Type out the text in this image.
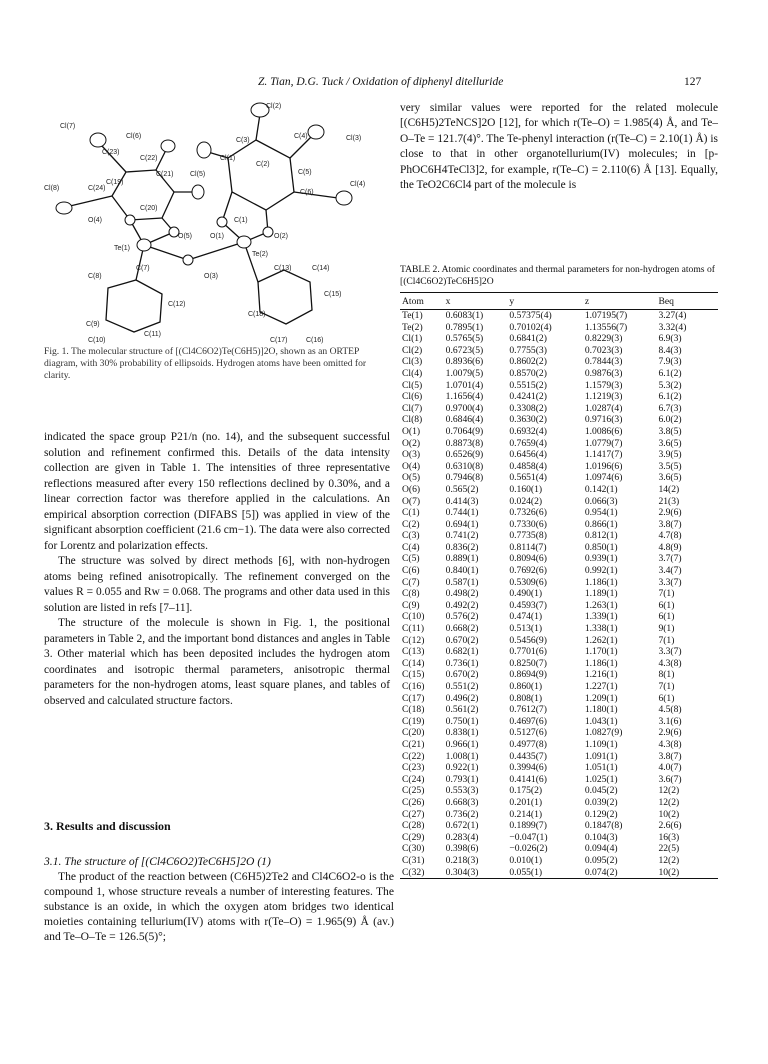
Z. Tian, D.G. Tuck / Oxidation of diphenyl ditelluride	127
Cl(2)
Cl(7)
Cl(6)
C(3)
C(4)	Cl(3)
C(23)
C(22)	Cl(1)
C(2)
Cl(8)	C(24)
C(21) Cl(5)	C(5)
Cl(4)
C(19)
C(6)
C(20)
C(1)
O(4)
O(5)	O(1)	O(2)
Te(1)
Te(2)
C(7)
C(8)	O(3)
C(13)	C(14)
C(12)
C(15)
C(9)
C(18)
C(11)
C(10)	C(17)	C(16)
Fig. 1. The molecular structure of [(Cl4C6O2)Te(C6H5)]2O, shown as an ORTEP diagram, with 30% probability of ellipsoids. Hydrogen atoms have been omitted for clarity.

indicated the space group P21/n (no. 14), and the subsequent successful solution and refinement confirmed this. Details of the data intensity collection are given in Table 1. The intensities of three representative reflections measured after every 150 reflections declined by 0.30%, and a linear correction factor was therefore applied in the calculations. An empirical absorption correction (DIFABS [5]) was applied in view of the significant absorption coefficient (21.6 cm−1). The data were also corrected for Lorentz and polarization effects.

The structure was solved by direct methods [6], with non-hydrogen atoms being refined anisotropically. The refinement converged on the values R = 0.055 and Rw = 0.068. The programs and other data used in this solution are listed in refs [7–11].

The structure of the molecule is shown in Fig. 1, the positional parameters in Table 2, and the important bond distances and angles in Table 3. Other material which has been deposited includes the hydrogen atom coordinates and isotropic thermal parameters, anisotropic thermal parameters for the non-hydrogen atoms, least square planes, and tables of observed and calculated structure factors.

3. Results and discussion

3.1. The structure of [(Cl4C6O2)TeC6H5]2O (1)

The product of the reaction between (C6H5)2Te2 and Cl4C6O2-o is the compound 1, whose structure reveals a number of interesting features. The substance is an oxide, in which the oxygen atom bridges two identical moieties containing tellurium(IV) atoms with r(Te–O) = 1.965(9) Å (av.) and Te–O–Te = 126.5(5)°;

very similar values were reported for the related molecule [(C6H5)2TeNCS]2O [12], for which r(Te–O) = 1.985(4) Å, and Te–O–Te = 121.7(4)°. The Te-phenyl interaction (r(Te–C) = 2.10(1) Å) is close to that in other organotellurium(IV) molecules; in [p-PhOC6H4TeCl3]2, for example, r(Te–C) = 2.110(6) Å [13]. Equally, the TeO2C6Cl4 part of the molecule is

TABLE 2. Atomic coordinates and thermal parameters for non-hydrogen atoms of [(Cl4C6O2)TeC6H5]2O
Atom	x	y	z	Beq
Te(1)	0.6083(1)	0.57375(4)	1.07195(7)	3.27(4)
Te(2)	0.7895(1)	0.70102(4)	1.13556(7)	3.32(4)
Cl(1)	0.5765(5)	0.6841(2)	0.8229(3)	6.9(3)
Cl(2)	0.6723(5)	0.7755(3)	0.7023(3)	8.4(3)
Cl(3)	0.8936(6)	0.8602(2)	0.7844(3)	7.9(3)
Cl(4)	1.0079(5)	0.8570(2)	0.9876(3)	6.1(2)
Cl(5)	1.0701(4)	0.5515(2)	1.1579(3)	5.3(2)
Cl(6)	1.1656(4)	0.4241(2)	1.1219(3)	6.1(2)
Cl(7)	0.9700(4)	0.3308(2)	1.0287(4)	6.7(3)
Cl(8)	0.6846(4)	0.3630(2)	0.9716(3)	6.0(2)
O(1)	0.7064(9)	0.6932(4)	1.0086(6)	3.8(5)
O(2)	0.8873(8)	0.7659(4)	1.0779(7)	3.6(5)
O(3)	0.6526(9)	0.6456(4)	1.1417(7)	3.9(5)
O(4)	0.6310(8)	0.4858(4)	1.0196(6)	3.5(5)
O(5)	0.7946(8)	0.5651(4)	1.0974(6)	3.6(5)
O(6)	0.565(2)	0.160(1)	0.142(1)	14(2)
O(7)	0.414(3)	0.024(2)	0.066(3)	21(3)
C(1)	0.744(1)	0.7326(6)	0.954(1)	2.9(6)
C(2)	0.694(1)	0.7330(6)	0.866(1)	3.8(7)
C(3)	0.741(2)	0.7735(8)	0.812(1)	4.7(8)
C(4)	0.836(2)	0.8114(7)	0.850(1)	4.8(9)
C(5)	0.889(1)	0.8094(6)	0.939(1)	3.7(7)
C(6)	0.840(1)	0.7692(6)	0.992(1)	3.4(7)
C(7)	0.587(1)	0.5309(6)	1.186(1)	3.3(7)
C(8)	0.498(2)	0.490(1)	1.189(1)	7(1)
C(9)	0.492(2)	0.4593(7)	1.263(1)	6(1)
C(10)	0.576(2)	0.474(1)	1.339(1)	6(1)
C(11)	0.668(2)	0.513(1)	1.338(1)	9(1)
C(12)	0.670(2)	0.5456(9)	1.262(1)	7(1)
C(13)	0.682(1)	0.7701(6)	1.170(1)	3.3(7)
C(14)	0.736(1)	0.8250(7)	1.186(1)	4.3(8)
C(15)	0.670(2)	0.8694(9)	1.216(1)	8(1)
C(16)	0.551(2)	0.860(1)	1.227(1)	7(1)
C(17)	0.496(2)	0.808(1)	1.209(1)	6(1)
C(18)	0.561(2)	0.7612(7)	1.180(1)	4.5(8)
C(19)	0.750(1)	0.4697(6)	1.043(1)	3.1(6)
C(20)	0.838(1)	0.5127(6)	1.0827(9)	2.9(6)
C(21)	0.966(1)	0.4977(8)	1.109(1)	4.3(8)
C(22)	1.008(1)	0.4435(7)	1.091(1)	3.8(7)
C(23)	0.922(1)	0.3994(6)	1.051(1)	4.0(7)
C(24)	0.793(1)	0.4141(6)	1.025(1)	3.6(7)
C(25)	0.553(3)	0.175(2)	0.045(2)	12(2)
C(26)	0.668(3)	0.201(1)	0.039(2)	12(2)
C(27)	0.736(2)	0.214(1)	0.129(2)	10(2)
C(28)	0.672(1)	0.1899(7)	0.1847(8)	2.6(6)
C(29)	0.283(4)	−0.047(1)	0.104(3)	16(3)
C(30)	0.398(6)	−0.026(2)	0.094(4)	22(5)
C(31)	0.218(3)	0.010(1)	0.095(2)	12(2)
C(32)	0.304(3)	0.055(1)	0.074(2)	10(2)
